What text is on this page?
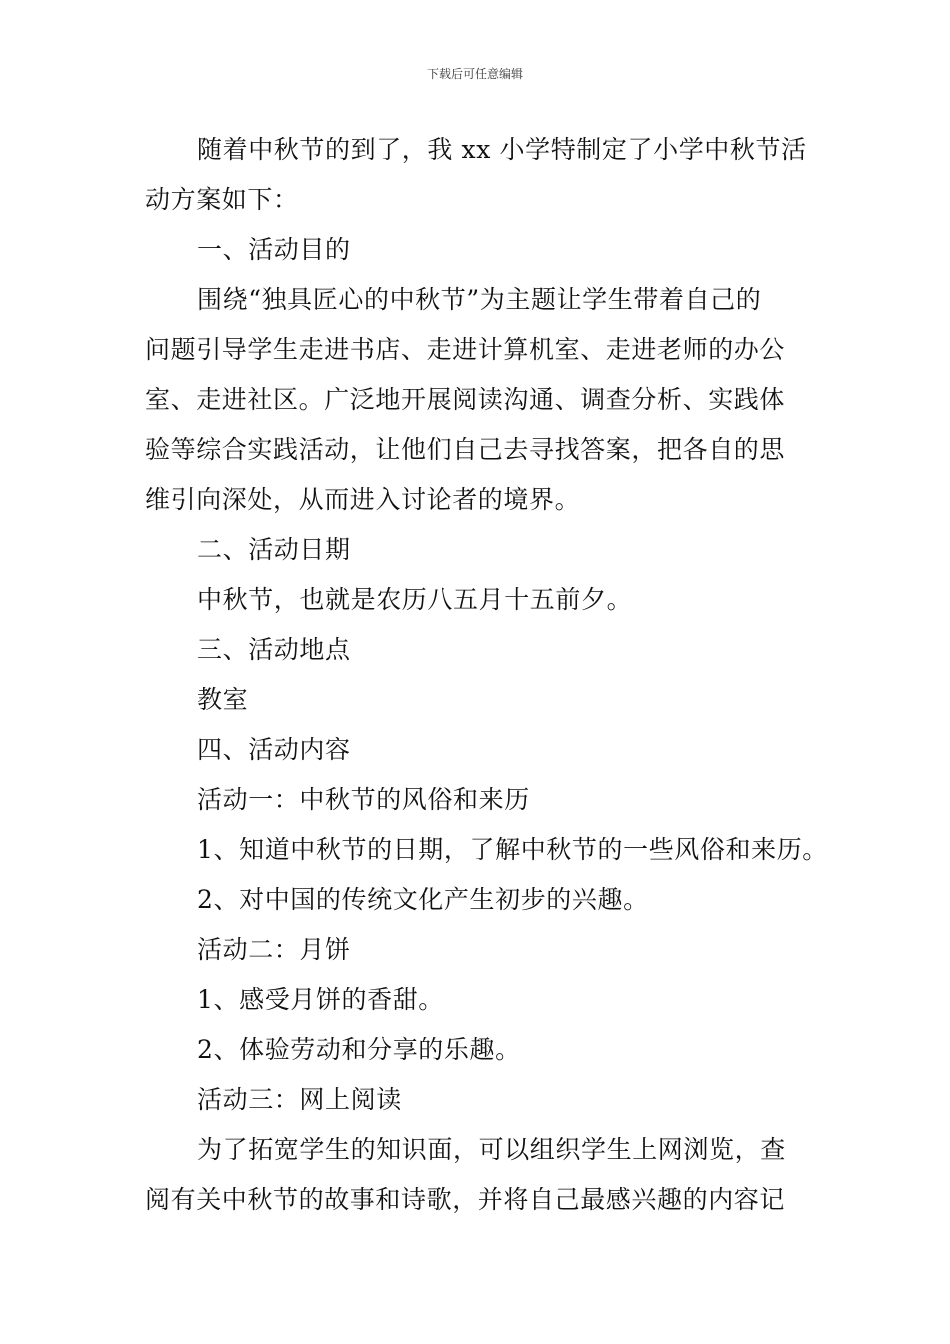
下载后可任意编辑

随着中秋节的到了，我 xx 小学特制定了小学中秋节活

动方案如下：

一、活动目的

围绕“独具匠心的中秋节”为主题让学生带着自己的

问题引导学生走进书店、走进计算机室、走进老师的办公

室、走进社区。广泛地开展阅读沟通、调查分析、实践体

验等综合实践活动，让他们自己去寻找答案，把各自的思

维引向深处，从而进入讨论者的境界。

二、活动日期

中秋节，也就是农历八五月十五前夕。

三、活动地点

教室

四、活动内容

活动一：中秋节的风俗和来历

1、知道中秋节的日期，了解中秋节的一些风俗和来历。

2、对中国的传统文化产生初步的兴趣。

活动二：月饼

1、感受月饼的香甜。

2、体验劳动和分享的乐趣。

活动三：网上阅读

为了拓宽学生的知识面，可以组织学生上网浏览，查

阅有关中秋节的故事和诗歌，并将自己最感兴趣的内容记
